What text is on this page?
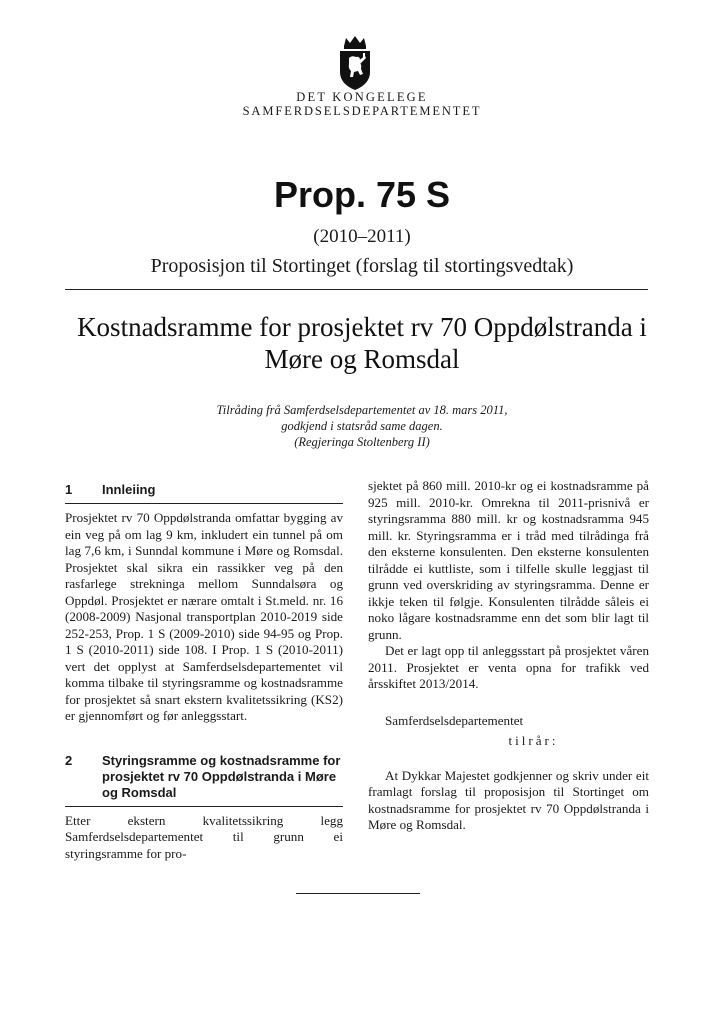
DET KONGELEGE
SAMFERDSELSDEPARTEMENTET
Prop. 75 S
(2010–2011)
Proposisjon til Stortinget (forslag til stortingsvedtak)
Kostnadsramme for prosjektet rv 70 Oppdølstranda i
Møre og Romsdal
Tilråding frå Samferdselsdepartementet av 18. mars 2011,
godkjend i statsråd same dagen.
(Regjeringa Stoltenberg II)
1	Innleiing

Prosjektet rv 70 Oppdølstranda omfattar bygging av ein veg på om lag 9 km, inkludert ein tunnel på om lag 7,6 km, i Sunndal kommune i Møre og Romsdal. Prosjektet skal sikra ein rassikker veg på den rasfarlege strekninga mellom Sunndalsøra og Oppdøl. Prosjektet er nærare omtalt i St.meld. nr. 16 (2008-2009) Nasjonal transportplan 2010-2019 side 252-253, Prop. 1 S (2009-2010) side 94-95 og Prop. 1 S (2010-2011) side 108. I Prop. 1 S (2010-2011) vert det opplyst at Samferdselsdepartementet vil komma tilbake til styringsramme og kostnadsramme for prosjektet så snart ekstern kvalitetssikring (KS2) er gjennomført og før anleggsstart.

2	Styringsramme og kostnadsramme for prosjektet rv 70 Oppdølstranda i Møre og Romsdal

Etter ekstern kvalitetssikring legg Samferdselsdepartementet til grunn ei styringsramme for pro-

sjektet på 860 mill. 2010-kr og ei kostnadsramme på 925 mill. 2010-kr. Omrekna til 2011-prisnivå er styringsramma 880 mill. kr og kostnadsramma 945 mill. kr. Styringsramma er i tråd med tilrådinga frå den eksterne konsulenten. Den eksterne konsulenten tilrådde ei kuttliste, som i tilfelle skulle leggjast til grunn ved overskriding av styringsramma. Denne er ikkje teken til følgje. Konsulenten tilrådde såleis ei noko lågare kostnadsramme enn det som blir lagt til grunn.

Det er lagt opp til anleggsstart på prosjektet våren 2011. Prosjektet er venta opna for trafikk ved årsskiftet 2013/2014.

Samferdselsdepartementet

tilrår:

At Dykkar Majestet godkjenner og skriv under eit framlagt forslag til proposisjon til Stortinget om kostnadsramme for prosjektet rv 70 Oppdølstranda i Møre og Romsdal.
